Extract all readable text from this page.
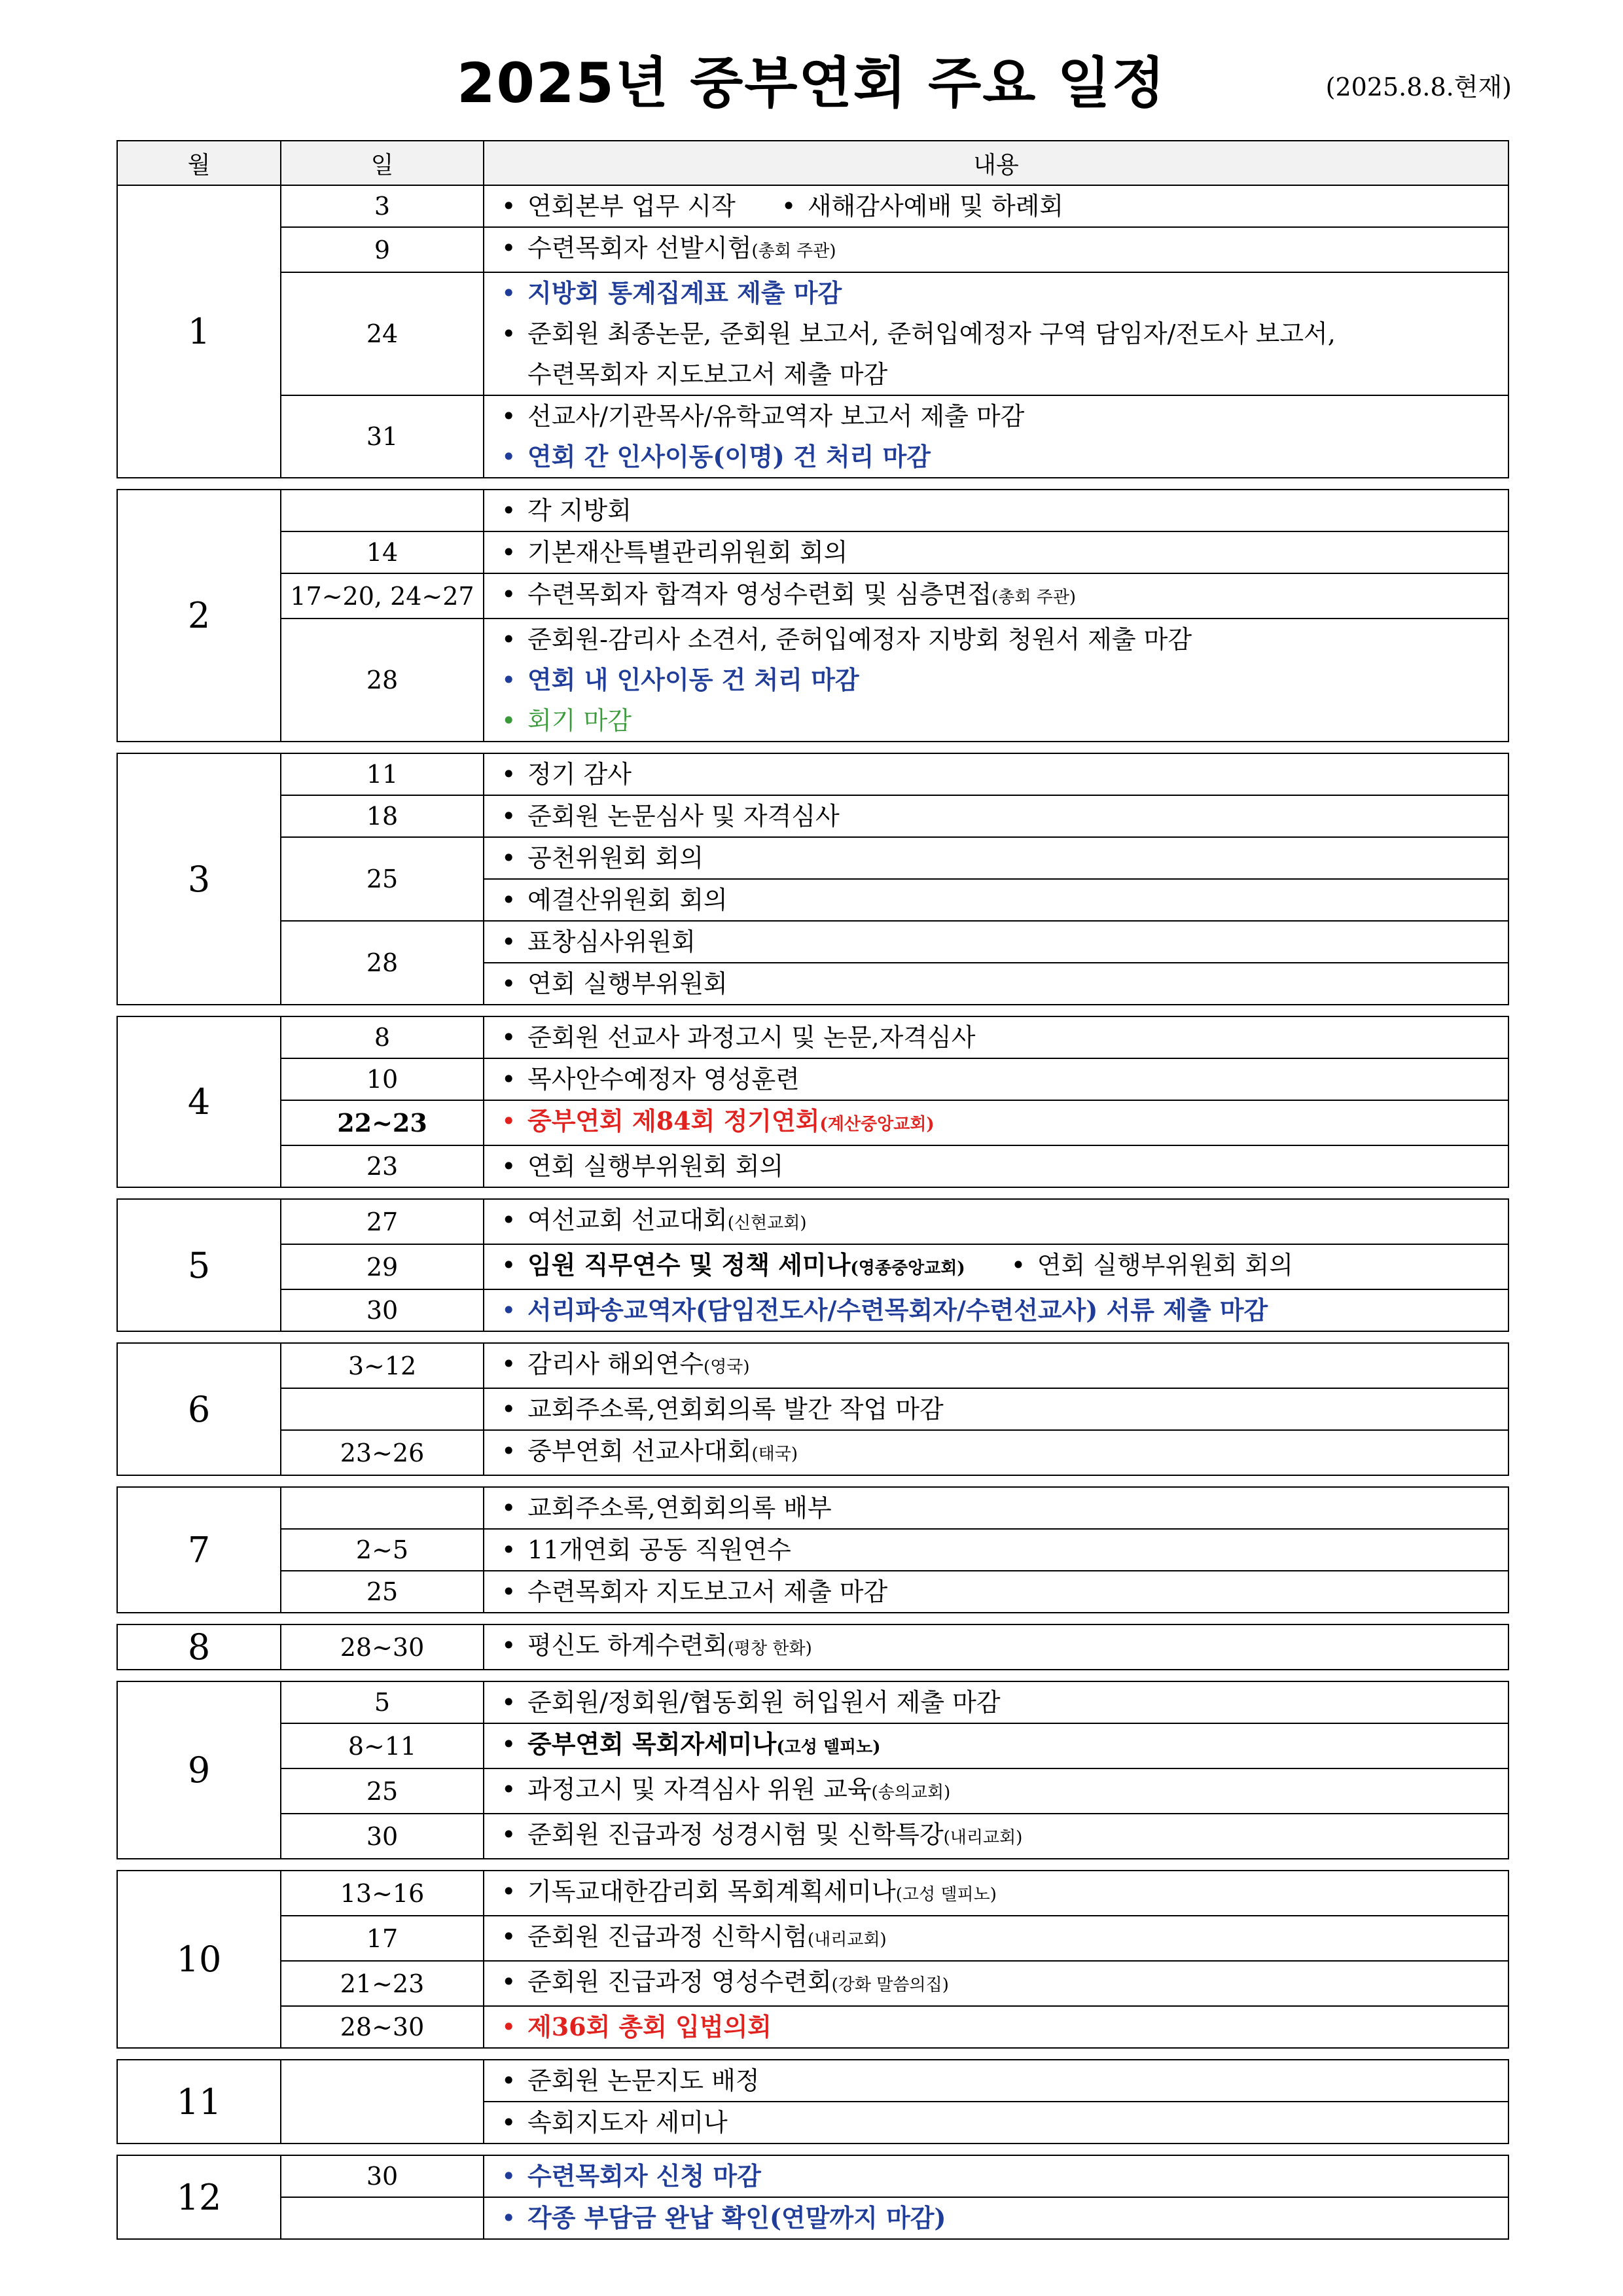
2025년 중부연회 주요 일정	(2025.8.8.현재)
월	일	내용
1	3	• 연회본부 업무 시작 • 새해감사예배 및 하례회

	9	• 수련목회자 선발시험(총회 주관)

	24	• 지방회 통계집계표 제출 마감
• 준회원 최종논문, 준회원 보고서, 준허입예정자 구역 담임자/전도사 보고서,
수련목회자 지도보고서 제출 마감

	31	• 선교사/기관목사/유학교역자 보고서 제출 마감
• 연회 간 인사이동(이명) 건 처리 마감

2		• 각 지방회

	14	• 기본재산특별관리위원회 회의

	17~20, 24~27	• 수련목회자 합격자 영성수련회 및 심층면접(총회 주관)

	28	• 준회원-감리사 소견서, 준허입예정자 지방회 청원서 제출 마감
• 연회 내 인사이동 건 처리 마감
• 회기 마감

3	11	• 정기 감사

	18	• 준회원 논문심사 및 자격심사

	25	• 공천위원회 회의

		• 예결산위원회 회의

	28	• 표창심사위원회

		• 연회 실행부위원회

4	8	• 준회원 선교사 과정고시 및 논문,자격심사

	10	• 목사안수예정자 영성훈련

	22~23	• 중부연회 제84회 정기연회(계산중앙교회)

	23	• 연회 실행부위원회 회의

5	27	• 여선교회 선교대회(신현교회)

	29	• 임원 직무연수 및 정책 세미나(영종중앙교회) • 연회 실행부위원회 회의

	30	• 서리파송교역자(담임전도사/수련목회자/수련선교사) 서류 제출 마감

6	3~12	• 감리사 해외연수(영국)

		• 교회주소록,연회회의록 발간 작업 마감

	23~26	• 중부연회 선교사대회(태국)

7		• 교회주소록,연회회의록 배부

	2~5	• 11개연회 공동 직원연수

	25	• 수련목회자 지도보고서 제출 마감

8	28~30	• 평신도 하계수련회(평창 한화)

9	5	• 준회원/정회원/협동회원 허입원서 제출 마감

	8~11	• 중부연회 목회자세미나(고성 델피노)

	25	• 과정고시 및 자격심사 위원 교육(송의교회)

	30	• 준회원 진급과정 성경시험 및 신학특강(내리교회)

10	13~16	• 기독교대한감리회 목회계획세미나(고성 델피노)

	17	• 준회원 진급과정 신학시험(내리교회)

	21~23	• 준회원 진급과정 영성수련회(강화 말씀의집)

	28~30	• 제36회 총회 입법의회

11		• 준회원 논문지도 배정

		• 속회지도자 세미나

12	30	• 수련목회자 신청 마감

		• 각종 부담금 완납 확인(연말까지 마감)
